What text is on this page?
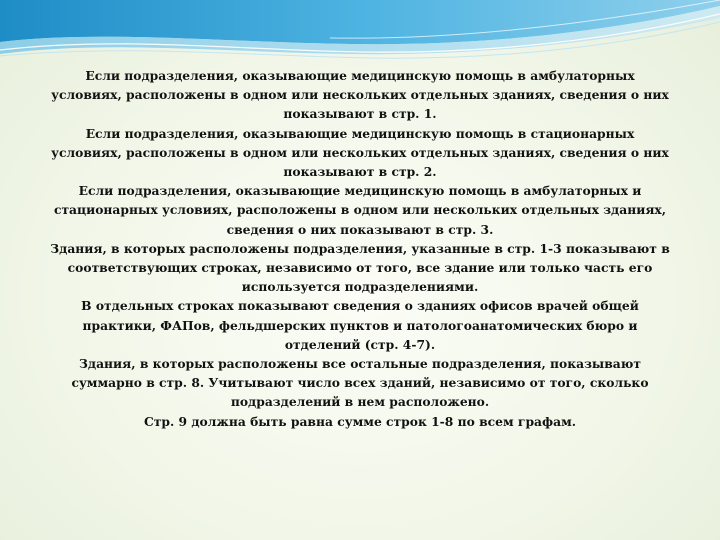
Если подразделения, оказывающие медицинскую помощь в амбулаторных условиях, расположены в одном или нескольких отдельных зданиях, сведения о них показывают в стр. 1.

Если подразделения, оказывающие медицинскую помощь в стационарных условиях, расположены в одном или нескольких отдельных зданиях, сведения о них показывают в стр. 2.

Если подразделения, оказывающие медицинскую помощь в амбулаторных и стационарных условиях, расположены в одном или нескольких отдельных зданиях, сведения о них показывают в стр. 3.

Здания, в которых расположены подразделения, указанные в стр. 1-3 показывают в соответствующих строках, независимо от того, все здание или только часть его используется подразделениями.

В отдельных строках показывают сведения о зданиях офисов врачей общей практики, ФАПов, фельдшерских пунктов и патологоанатомических бюро и отделений (стр. 4-7).

Здания, в которых расположены все остальные подразделения, показывают суммарно в стр. 8. Учитывают число всех зданий, независимо от того, сколько подразделений в нем расположено.

Стр. 9 должна быть равна сумме строк 1-8 по всем графам.
